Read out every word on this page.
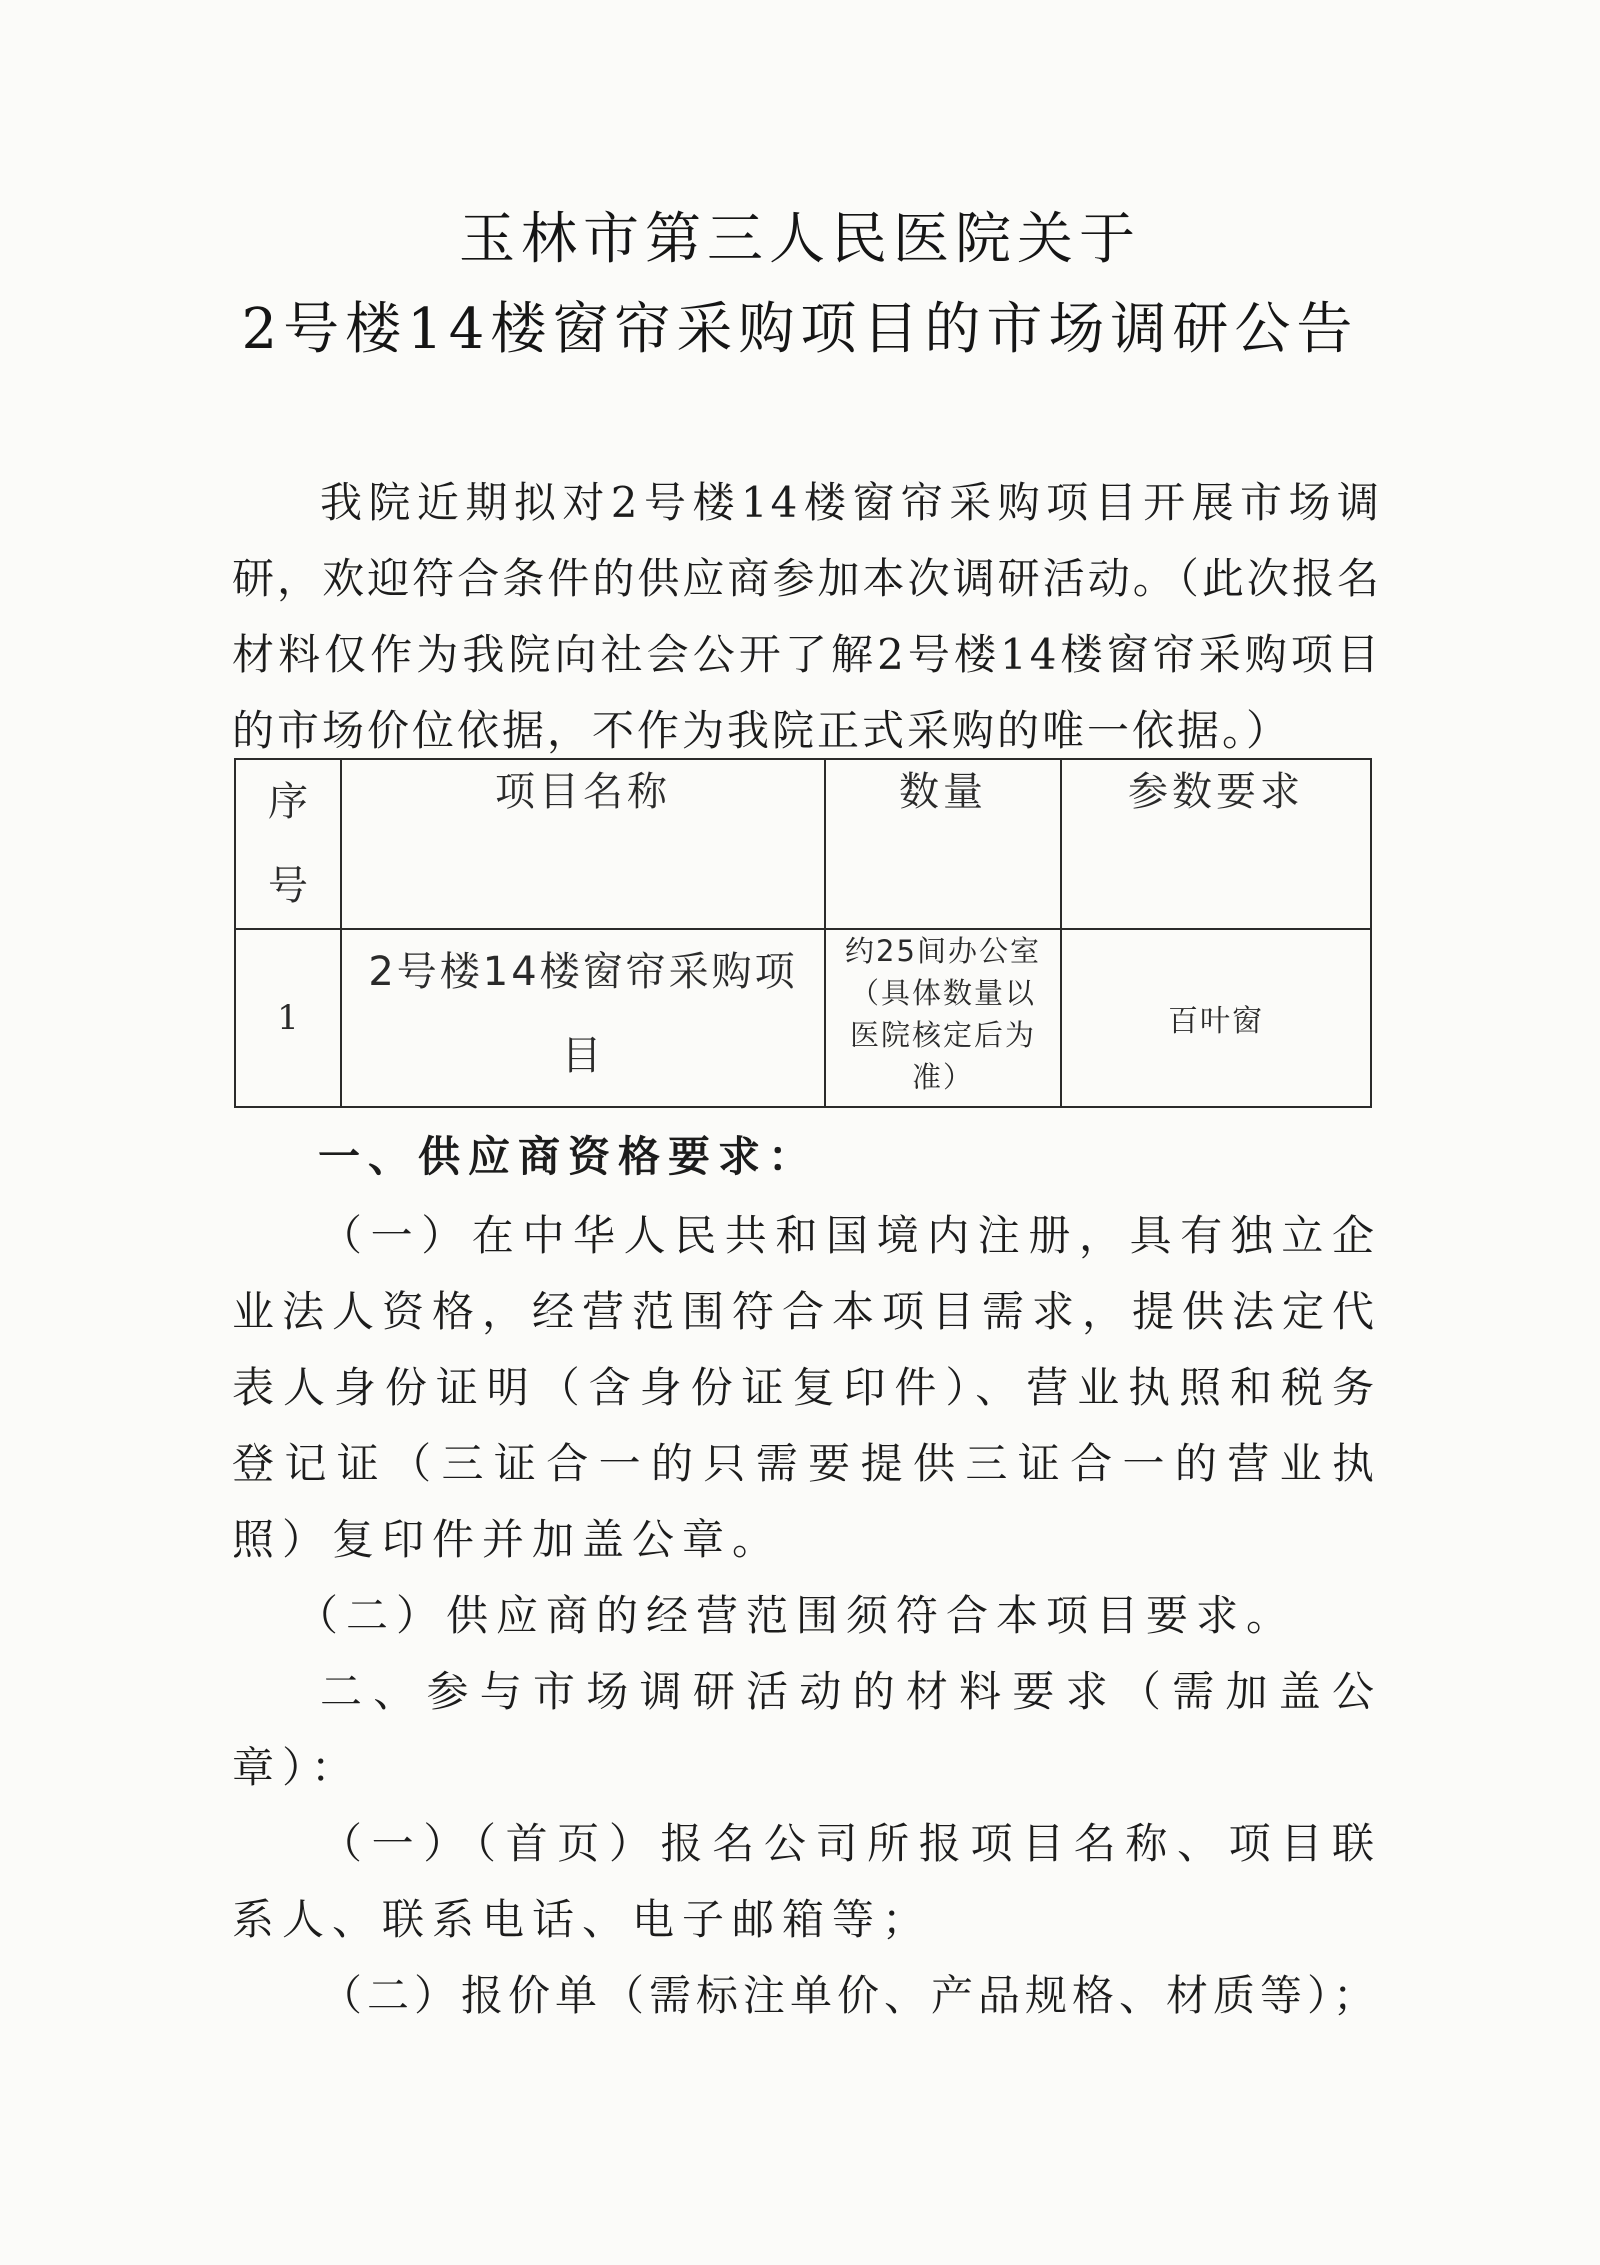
玉林市第三人民医院关于
2号楼14楼窗帘采购项目的市场调研公告

我院近期拟对2号楼14楼窗帘采购项目开展市场调研，欢迎符合条件的供应商参加本次调研活动。（此次报名材料仅作为我院向社会公开了解2号楼14楼窗帘采购项目的市场价位依据，不作为我院正式采购的唯一依据。）

序号	项目名称	数量	参数要求
1	2号楼14楼窗帘采购项目	约25间办公室（具体数量以医院核定后为准）	百叶窗
一、供应商资格要求：

（一）在中华人民共和国境内注册，具有独立企业法人资格，经营范围符合本项目需求，提供法定代表人身份证明（含身份证复印件）、营业执照和税务登记证（三证合一的只需要提供三证合一的营业执照）复印件并加盖公章。

（二）供应商的经营范围须符合本项目要求。

二、参与市场调研活动的材料要求（需加盖公章）：

（一）（首页）报名公司所报项目名称、项目联系人、联系电话、电子邮箱等；

（二）报价单（需标注单价、产品规格、材质等）；
